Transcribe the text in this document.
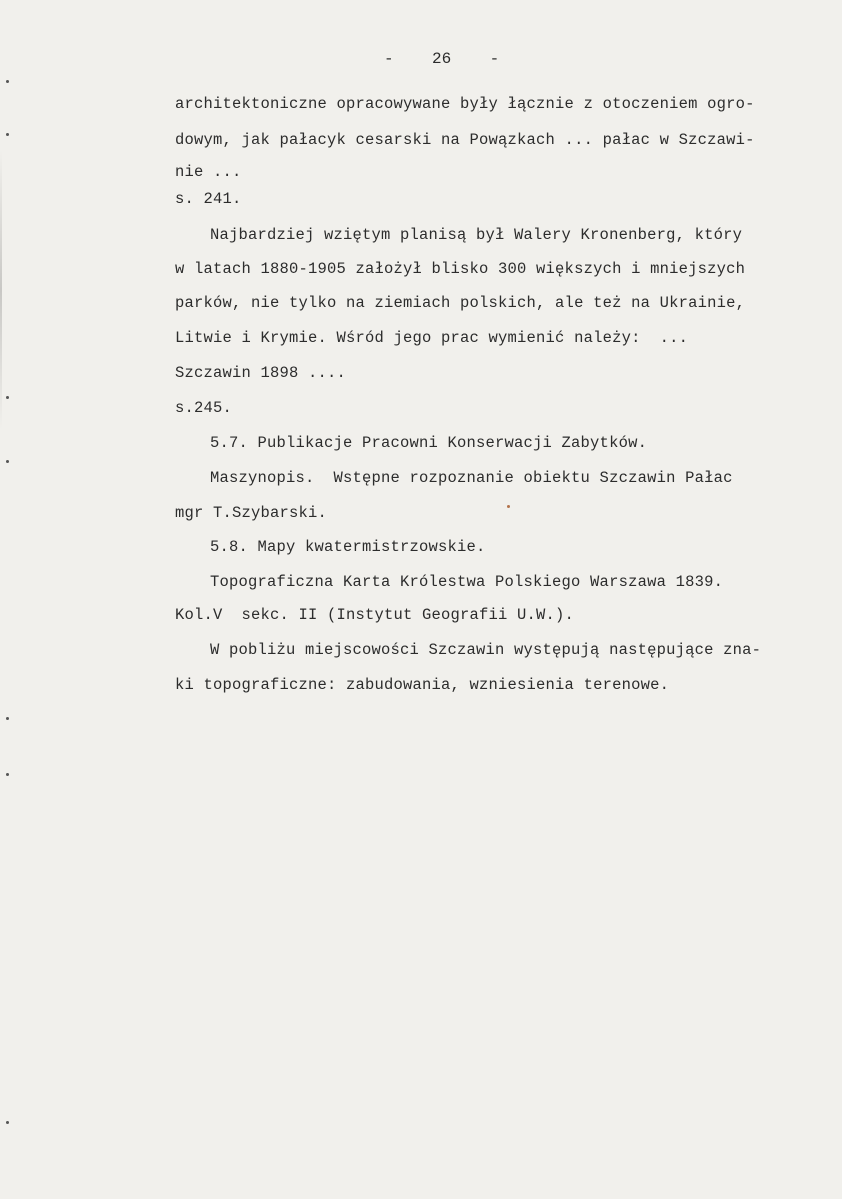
-    26    -
architektoniczne opracowywane były łącznie z otoczeniem ogro-
dowym, jak pałacyk cesarski na Powązkach ... pałac w Szczawi-
nie ...
s. 241.
Najbardziej wziętym planisą był Walery Kronenberg, który
w latach 1880-1905 założył blisko 300 większych i mniejszych
parków, nie tylko na ziemiach polskich, ale też na Ukrainie,
Litwie i Krymie. Wśród jego prac wymienić należy:  ...
Szczawin 1898 ....
s.245.
5.7. Publikacje Pracowni Konserwacji Zabytków.
Maszynopis.  Wstępne rozpoznanie obiektu Szczawin Pałac
mgr T.Szybarski.
5.8. Mapy kwatermistrzowskie.
Topograficzna Karta Królestwa Polskiego Warszawa 1839.
Kol.V  sekc. II (Instytut Geografii U.W.).
W pobliżu miejscowości Szczawin występują następujące zna-
ki topograficzne: zabudowania, wzniesienia terenowe.
